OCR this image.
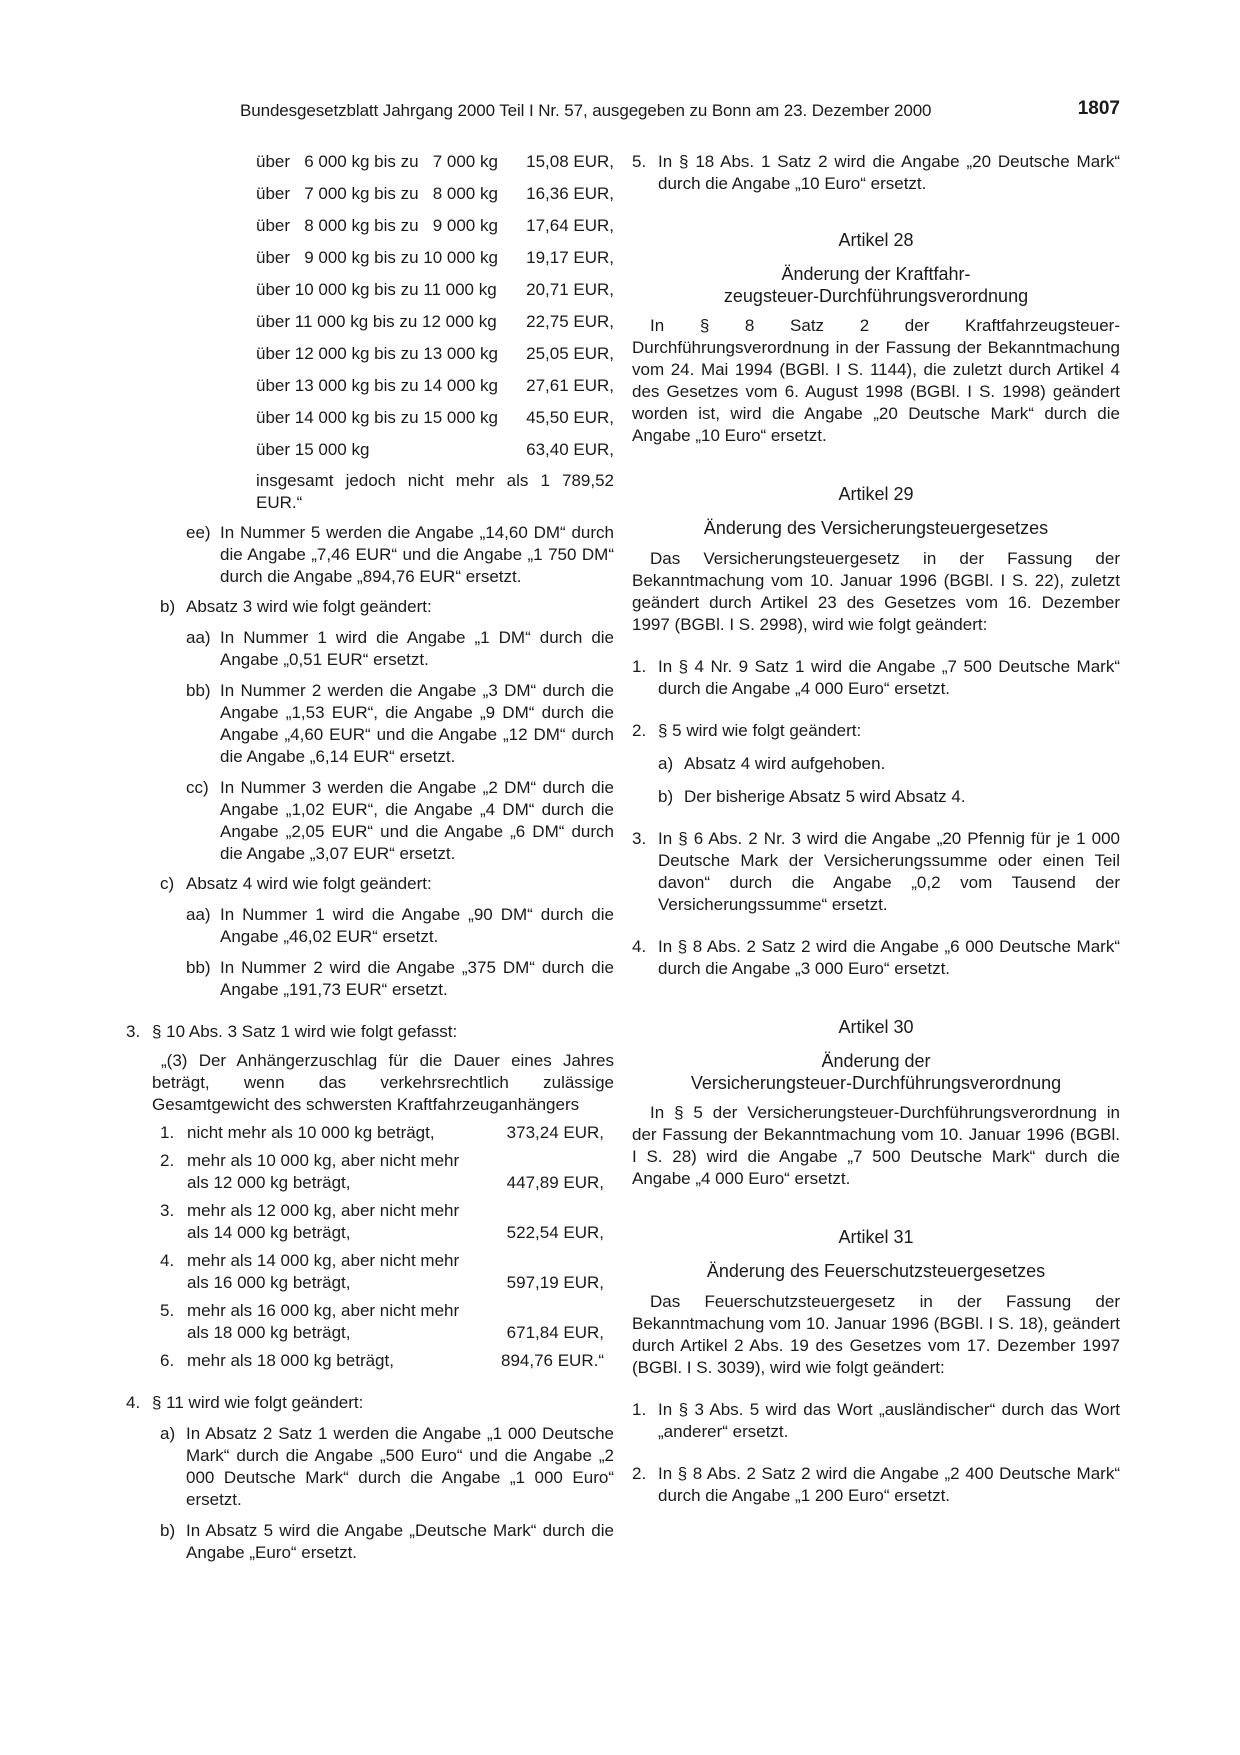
Bundesgesetzblatt Jahrgang 2000 Teil I Nr. 57, ausgegeben zu Bonn am 23. Dezember 2000	1807
über   6 000 kg bis zu   7 000 kg 15,08 EUR,
über   7 000 kg bis zu   8 000 kg 16,36 EUR,
über   8 000 kg bis zu   9 000 kg 17,64 EUR,
über   9 000 kg bis zu 10 000 kg 19,17 EUR,
über 10 000 kg bis zu 11 000 kg 20,71 EUR,
über 11 000 kg bis zu 12 000 kg 22,75 EUR,
über 12 000 kg bis zu 13 000 kg 25,05 EUR,
über 13 000 kg bis zu 14 000 kg 27,61 EUR,
über 14 000 kg bis zu 15 000 kg 45,50 EUR,
über 15 000 kg	63,40 EUR,
insgesamt jedoch nicht mehr als 1 789,52 EUR.“
ee) In Nummer 5 werden die Angabe „14,60 DM“ durch die Angabe „7,46 EUR“ und die Angabe „1 750 DM“ durch die Angabe „894,76 EUR“ ersetzt.
b) Absatz 3 wird wie folgt geändert:
aa) In Nummer 1 wird die Angabe „1 DM“ durch die Angabe „0,51 EUR“ ersetzt.
bb) In Nummer 2 werden die Angabe „3 DM“ durch die Angabe „1,53 EUR“, die Angabe „9 DM“ durch die Angabe „4,60 EUR“ und die Angabe „12 DM“ durch die Angabe „6,14 EUR“ ersetzt.
cc) In Nummer 3 werden die Angabe „2 DM“ durch die Angabe „1,02 EUR“, die Angabe „4 DM“ durch die Angabe „2,05 EUR“ und die Angabe „6 DM“ durch die Angabe „3,07 EUR“ ersetzt.
c) Absatz 4 wird wie folgt geändert:
aa) In Nummer 1 wird die Angabe „90 DM“ durch die Angabe „46,02 EUR“ ersetzt.
bb) In Nummer 2 wird die Angabe „375 DM“ durch die Angabe „191,73 EUR“ ersetzt.
3. § 10 Abs. 3 Satz 1 wird wie folgt gefasst:
„(3) Der Anhängerzuschlag für die Dauer eines Jahres beträgt, wenn das verkehrsrechtlich zulässige Gesamtgewicht des schwersten Kraftfahrzeuganhängers
1. nicht mehr als 10 000 kg beträgt,	373,24 EUR,
2. mehr als 10 000 kg, aber nicht mehr als 12 000 kg beträgt,	447,89 EUR,
3. mehr als 12 000 kg, aber nicht mehr als 14 000 kg beträgt,	522,54 EUR,
4. mehr als 14 000 kg, aber nicht mehr als 16 000 kg beträgt,	597,19 EUR,
5. mehr als 16 000 kg, aber nicht mehr als 18 000 kg beträgt,	671,84 EUR,
6. mehr als 18 000 kg beträgt,	894,76 EUR.“
4. § 11 wird wie folgt geändert:
a) In Absatz 2 Satz 1 werden die Angabe „1 000 Deutsche Mark“ durch die Angabe „500 Euro“ und die Angabe „2 000 Deutsche Mark“ durch die Angabe „1 000 Euro“ ersetzt.
b) In Absatz 5 wird die Angabe „Deutsche Mark“ durch die Angabe „Euro“ ersetzt.
5. In § 18 Abs. 1 Satz 2 wird die Angabe „20 Deutsche Mark“ durch die Angabe „10 Euro“ ersetzt.
Artikel 28
Änderung der Kraftfahr-
zeugsteuer-Durchführungsverordnung
In § 8 Satz 2 der Kraftfahrzeugsteuer-Durchführungsverordnung in der Fassung der Bekanntmachung vom 24. Mai 1994 (BGBl. I S. 1144), die zuletzt durch Artikel 4 des Gesetzes vom 6. August 1998 (BGBl. I S. 1998) geändert worden ist, wird die Angabe „20 Deutsche Mark“ durch die Angabe „10 Euro“ ersetzt.
Artikel 29
Änderung des Versicherungsteuergesetzes
Das Versicherungsteuergesetz in der Fassung der Bekanntmachung vom 10. Januar 1996 (BGBl. I S. 22), zuletzt geändert durch Artikel 23 des Gesetzes vom 16. Dezember 1997 (BGBl. I S. 2998), wird wie folgt geändert:
1. In § 4 Nr. 9 Satz 1 wird die Angabe „7 500 Deutsche Mark“ durch die Angabe „4 000 Euro“ ersetzt.
2. § 5 wird wie folgt geändert:
a) Absatz 4 wird aufgehoben.
b) Der bisherige Absatz 5 wird Absatz 4.
3. In § 6 Abs. 2 Nr. 3 wird die Angabe „20 Pfennig für je 1 000 Deutsche Mark der Versicherungssumme oder einen Teil davon“ durch die Angabe „0,2 vom Tausend der Versicherungssumme“ ersetzt.
4. In § 8 Abs. 2 Satz 2 wird die Angabe „6 000 Deutsche Mark“ durch die Angabe „3 000 Euro“ ersetzt.
Artikel 30
Änderung der
Versicherungsteuer-Durchführungsverordnung
In § 5 der Versicherungsteuer-Durchführungsverordnung in der Fassung der Bekanntmachung vom 10. Januar 1996 (BGBl. I S. 28) wird die Angabe „7 500 Deutsche Mark“ durch die Angabe „4 000 Euro“ ersetzt.
Artikel 31
Änderung des Feuerschutzsteuergesetzes
Das Feuerschutzsteuergesetz in der Fassung der Bekanntmachung vom 10. Januar 1996 (BGBl. I S. 18), geändert durch Artikel 2 Abs. 19 des Gesetzes vom 17. Dezember 1997 (BGBl. I S. 3039), wird wie folgt geändert:
1. In § 3 Abs. 5 wird das Wort „ausländischer“ durch das Wort „anderer“ ersetzt.
2. In § 8 Abs. 2 Satz 2 wird die Angabe „2 400 Deutsche Mark“ durch die Angabe „1 200 Euro“ ersetzt.
